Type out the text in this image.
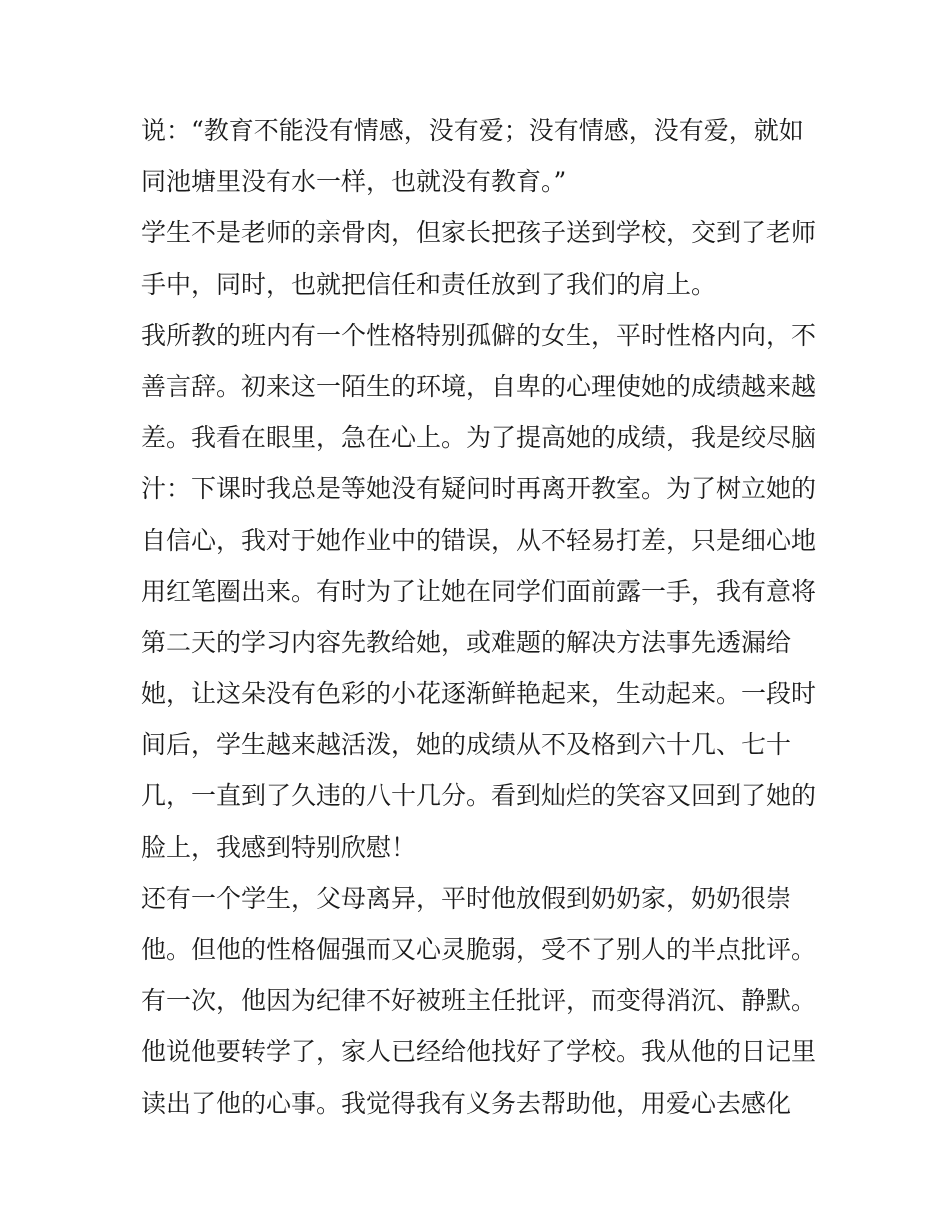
说：“教育不能没有情感，没有爱；没有情感，没有爱，就如

同池塘里没有水一样，也就没有教育。”

学生不是老师的亲骨肉，但家长把孩子送到学校，交到了老师

手中，同时，也就把信任和责任放到了我们的肩上。

我所教的班内有一个性格特别孤僻的女生，平时性格内向，不

善言辞。初来这一陌生的环境，自卑的心理使她的成绩越来越

差。我看在眼里，急在心上。为了提高她的成绩，我是绞尽脑

汁：下课时我总是等她没有疑问时再离开教室。为了树立她的

自信心，我对于她作业中的错误，从不轻易打差，只是细心地

用红笔圈出来。有时为了让她在同学们面前露一手，我有意将

第二天的学习内容先教给她，或难题的解决方法事先透漏给

她，让这朵没有色彩的小花逐渐鲜艳起来，生动起来。一段时

间后，学生越来越活泼，她的成绩从不及格到六十几、七十

几，一直到了久违的八十几分。看到灿烂的笑容又回到了她的

脸上，我感到特别欣慰！

还有一个学生，父母离异，平时他放假到奶奶家，奶奶很崇

他。但他的性格倔强而又心灵脆弱，受不了别人的半点批评。

有一次，他因为纪律不好被班主任批评，而变得消沉、静默。

他说他要转学了，家人已经给他找好了学校。我从他的日记里

读出了他的心事。我觉得我有义务去帮助他，用爱心去感化
